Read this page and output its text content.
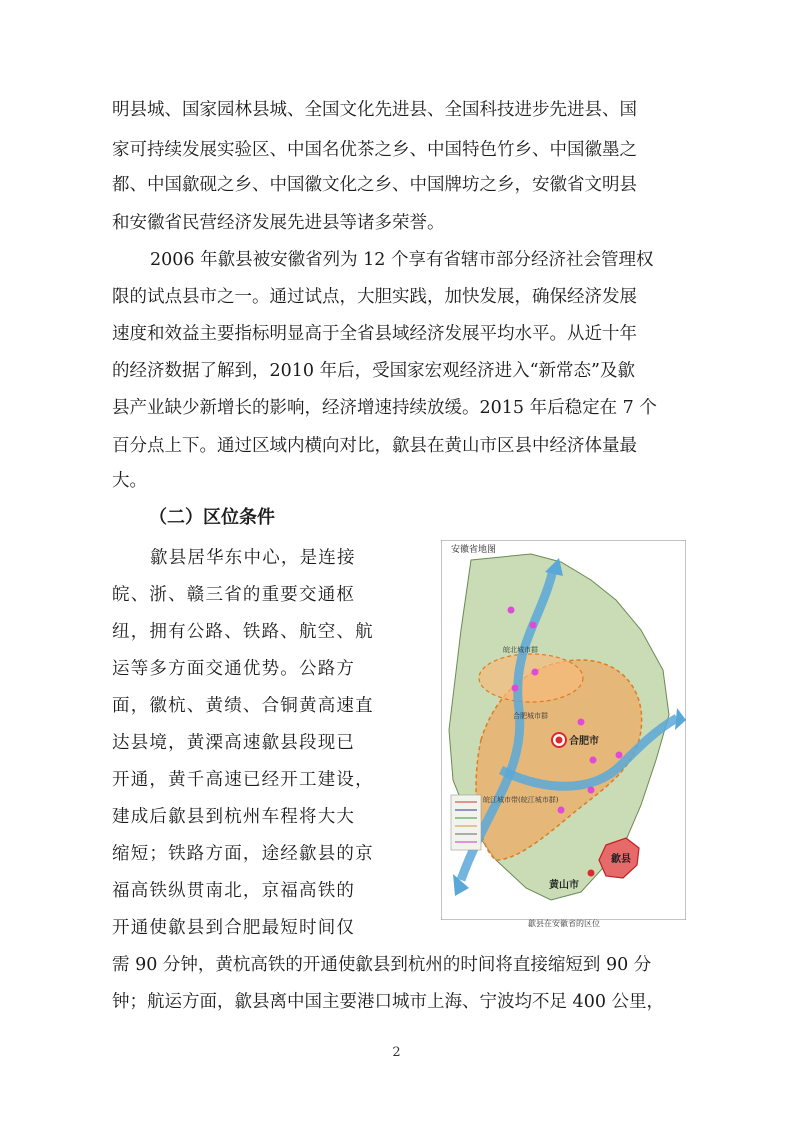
明县城、国家园林县城、全国文化先进县、全国科技进步先进县、国
家可持续发展实验区、中国名优茶之乡、中国特色竹乡、中国徽墨之
都、中国歙砚之乡、中国徽文化之乡、中国牌坊之乡，安徽省文明县
和安徽省民营经济发展先进县等诸多荣誉。
2006 年歙县被安徽省列为 12 个享有省辖市部分经济社会管理权
限的试点县市之一。通过试点，大胆实践，加快发展，确保经济发展
速度和效益主要指标明显高于全省县域经济发展平均水平。从近十年
的经济数据了解到，2010 年后，受国家宏观经济进入“新常态”及歙
县产业缺少新增长的影响，经济增速持续放缓。2015 年后稳定在 7 个
百分点上下。通过区域内横向对比，歙县在黄山市区县中经济体量最
大。
（二）区位条件
歙县居华东中心，是连接
皖、浙、赣三省的重要交通枢
纽，拥有公路、铁路、航空、航
运等多方面交通优势。公路方
面，徽杭、黄绩、合铜黄高速直
达县境，黄溧高速歙县段现已
开通，黄千高速已经开工建设，
建成后歙县到杭州车程将大大
缩短；铁路方面，途经歙县的京
福高铁纵贯南北，京福高铁的
开通使歙县到合肥最短时间仅
需 90 分钟，黄杭高铁的开通使歙县到杭州的时间将直接缩短到 90 分
钟；航运方面，歙县离中国主要港口城市上海、宁波均不足 400 公里，
安徽省地图
合肥市
黄山市
歙县
皖北城市群
合肥城市群
皖江城市带(皖江城市群)
歙县在安徽省的区位
2
